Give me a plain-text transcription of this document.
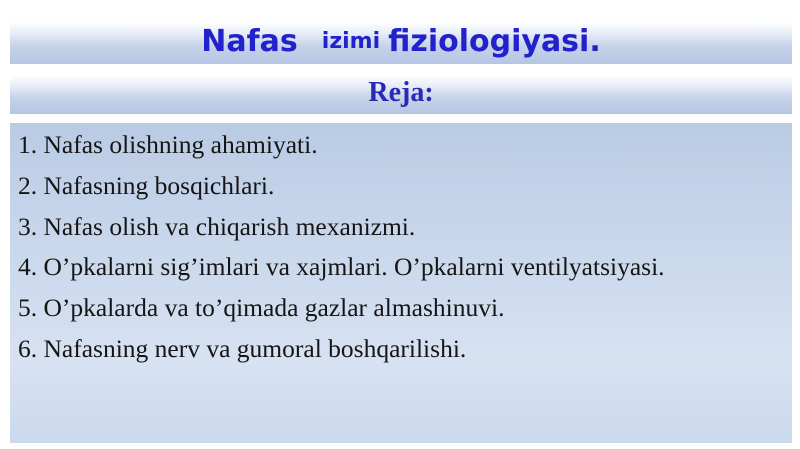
Nafas izimi fiziologiyasi.
Reja:
1. Nafas olishning ahamiyati.
2. Nafasning bosqichlari.
3. Nafas olish va chiqarish mexanizmi.
4. O’pkalarni sig’imlari va xajmlari. O’pkalarni ventilyatsiyasi.
5. O’pkalarda va to’qimada gazlar almashinuvi.
6. Nafasning nerv va gumoral boshqarilishi.
